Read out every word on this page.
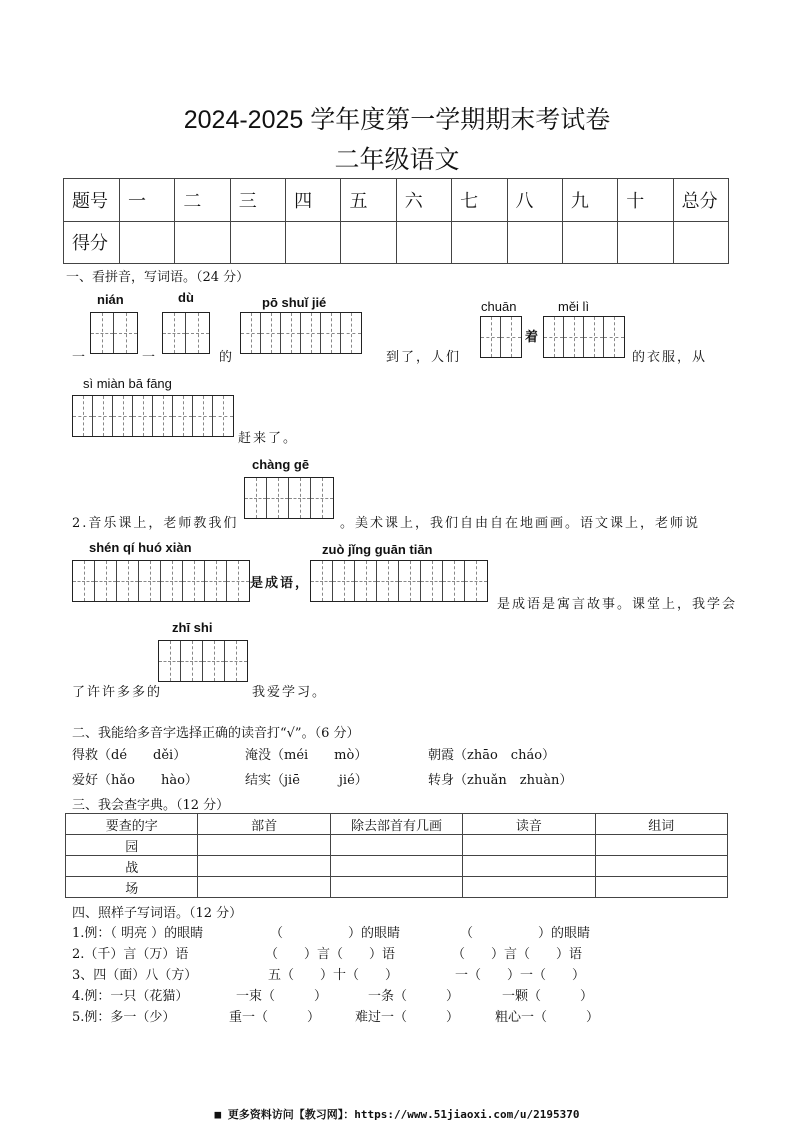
2024-2025 学年度第一学期期末考试卷
二年级语文
题号	一	二	三	四	五	六	七	八	九	十	总分
得分											
一、看拼音，写词语。（24 分）
nián	dù	pō shuǐ jié	chuān	měi lì
一	一	的	到了，人们
着
的衣服，从
sì miàn bā fāng
赶来了。
chàng gē
2.音乐课上，老师教我们	。美术课上，我们自由自在地画画。语文课上，老师说
shén qí huó xiàn	zuò jǐng guān tiān
是成语，
是成语是寓言故事。课堂上，我学会
zhī shi
了许许多多的	我爱学习。
二、我能给多音字选择正确的读音打“√”。（6 分）
得救（dé　　děi）	淹没（méi　　mò）	朝霞（zhāo　cháo）
爱好（hǎo　　hào）	结实（jiē　　　jié）	转身（zhuǎn　zhuàn）
三、我会查字典。（12 分）
要查的字	部首	除去部首有几画	读音	组词
园				
战				
场				
四、照样子写词语。（12 分）
1.例：（ 明亮 ）的眼睛	（　　　　　）的眼睛	（　　　　　）的眼睛
2.（千）言（万）语	（　　）言（　　）语	（　　）言（　　）语
3、四（面）八（方）	五（　　）十（　　）	一（　　）一（　　）
4.例：一只（花猫）	一束（　　　）	一条（　　　）	一颗（　　　）
5.例：多一（少）	重一（　　　）	难过一（　　　）	粗心一（　　　）
■ 更多资料访问【教习网】：https://www.51jiaoxi.com/u/2195370
